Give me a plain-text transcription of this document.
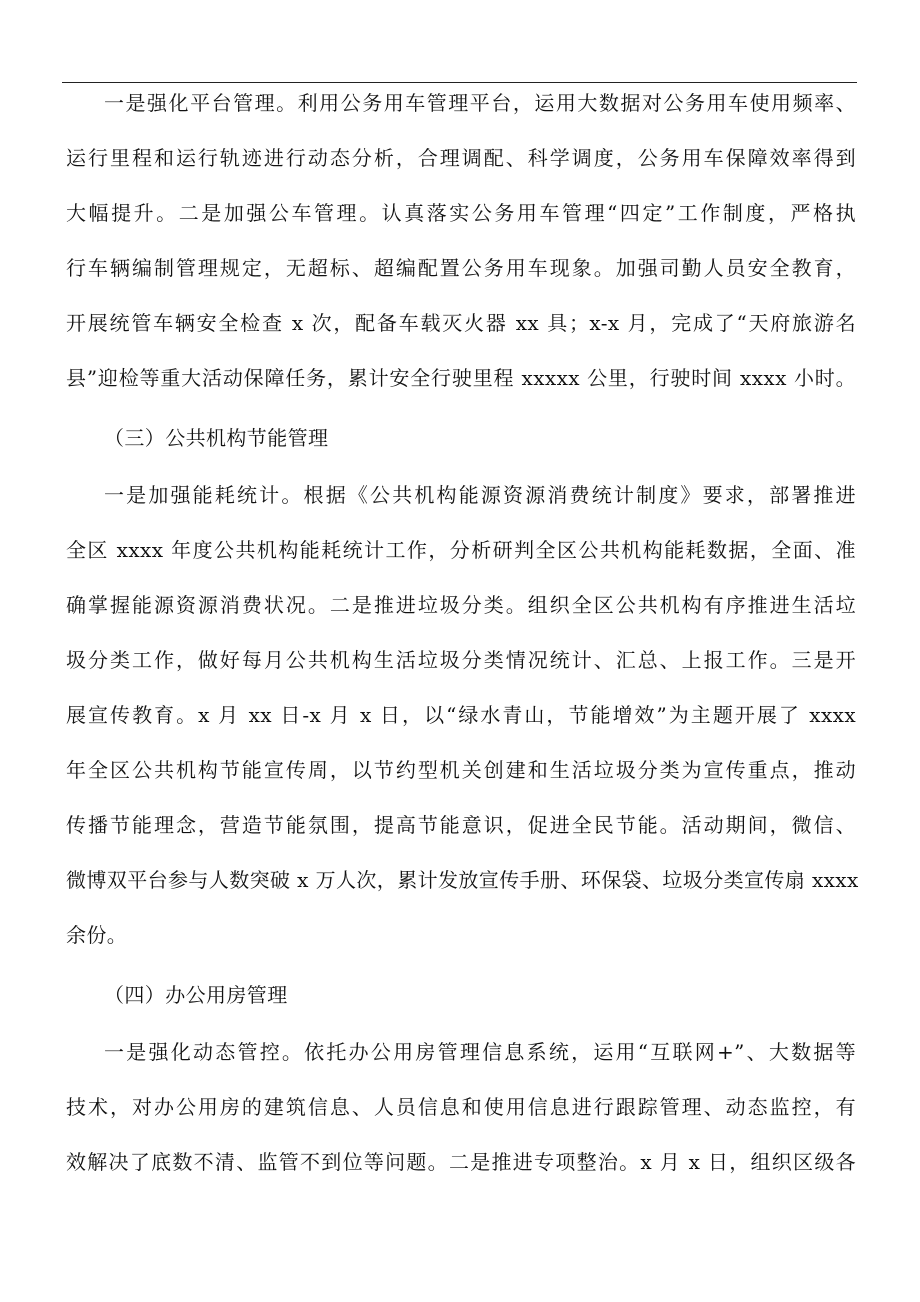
一是强化平台管理。利用公务用车管理平台，运用大数据对公务用车使用频率、
运行里程和运行轨迹进行动态分析，合理调配、科学调度，公务用车保障效率得到
大幅提升。二是加强公车管理。认真落实公务用车管理“四定”工作制度，严格执
行车辆编制管理规定，无超标、超编配置公务用车现象。加强司勤人员安全教育，
开展统管车辆安全检查 x 次，配备车载灭火器 xx 具；x-x 月，完成了“天府旅游名
县”迎检等重大活动保障任务，累计安全行驶里程 xxxxx 公里，行驶时间 xxxx 小时。
（三）公共机构节能管理
一是加强能耗统计。根据《公共机构能源资源消费统计制度》要求，部署推进
全区 xxxx 年度公共机构能耗统计工作，分析研判全区公共机构能耗数据，全面、准
确掌握能源资源消费状况。二是推进垃圾分类。组织全区公共机构有序推进生活垃
圾分类工作，做好每月公共机构生活垃圾分类情况统计、汇总、上报工作。三是开
展宣传教育。x 月 xx 日-x 月 x 日，以“绿水青山，节能增效”为主题开展了 xxxx
年全区公共机构节能宣传周，以节约型机关创建和生活垃圾分类为宣传重点，推动
传播节能理念，营造节能氛围，提高节能意识，促进全民节能。活动期间，微信、
微博双平台参与人数突破 x 万人次，累计发放宣传手册、环保袋、垃圾分类宣传扇 xxxx
余份。
（四）办公用房管理
一是强化动态管控。依托办公用房管理信息系统，运用“互联网+”、大数据等
技术，对办公用房的建筑信息、人员信息和使用信息进行跟踪管理、动态监控，有
效解决了底数不清、监管不到位等问题。二是推进专项整治。x 月 x 日，组织区级各
